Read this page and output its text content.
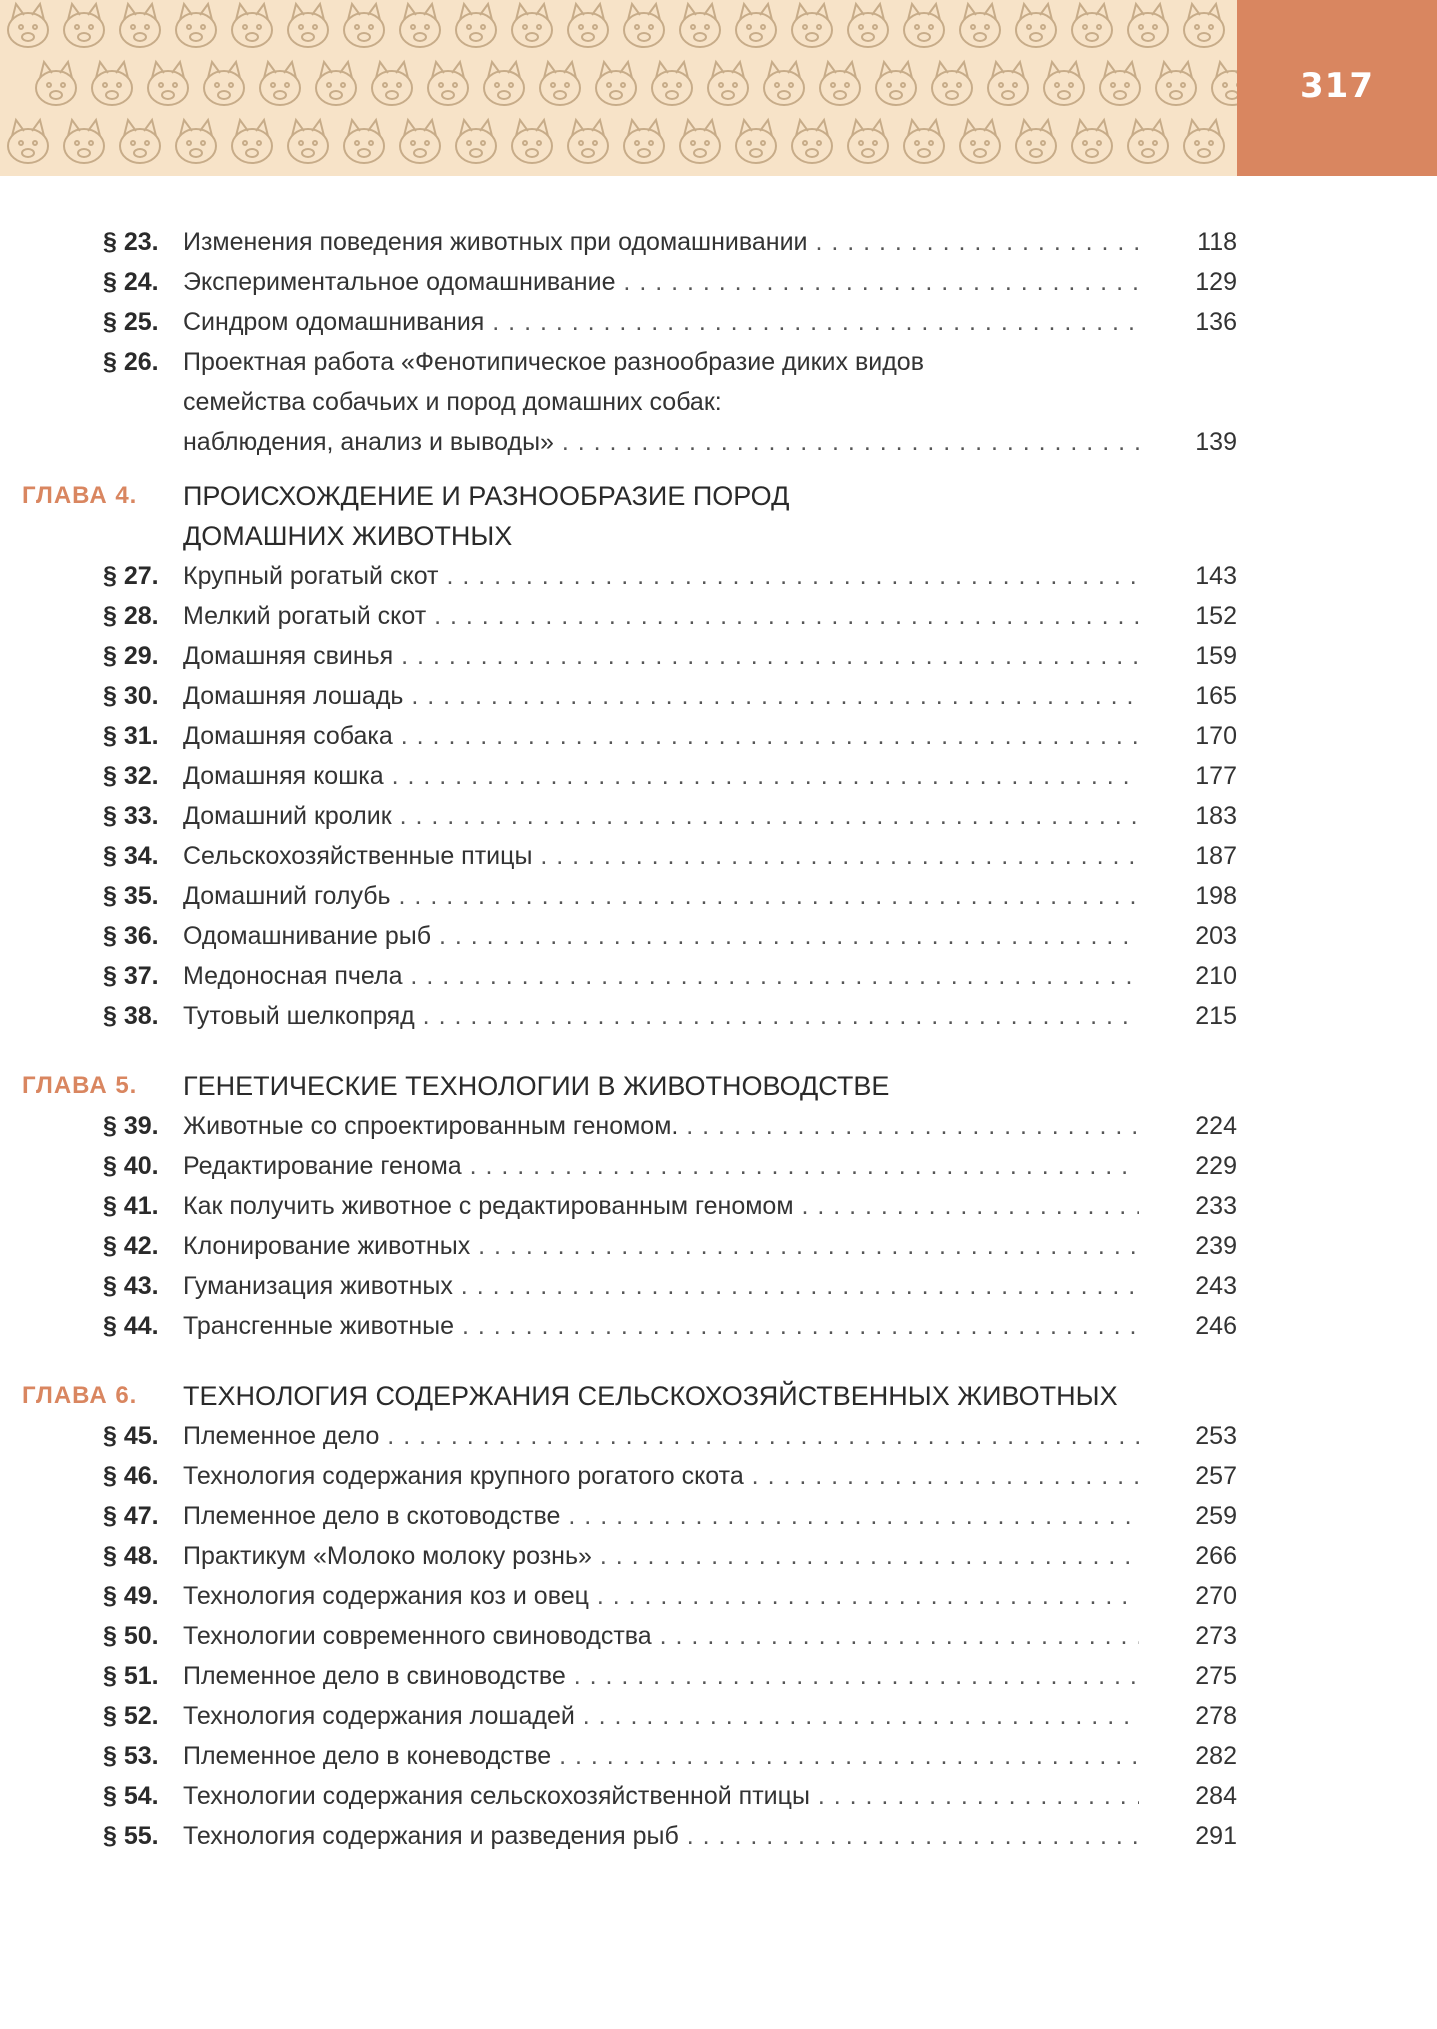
317
§ 23. Изменения поведения животных при одомашнивании . . .	118
§ 24. Экспериментальное одомашнивание . . .	129
§ 25. Синдром одомашнивания . . .	136
§ 26. Проектная работа «Фенотипическое разнообразие диких видов
семейства собачьих и пород домашних собак:
наблюдения, анализ и выводы» . . .	139
ГЛАВА 4. ПРОИСХОЖДЕНИЕ И РАЗНООБРАЗИЕ ПОРОД
ДОМАШНИХ ЖИВОТНЫХ
§ 27. Крупный рогатый скот . . .	143
§ 28. Мелкий рогатый скот . . .	152
§ 29. Домашняя свинья . . .	159
§ 30. Домашняя лошадь . . .	165
§ 31. Домашняя собака . . .	170
§ 32. Домашняя кошка . . .	177
§ 33. Домашний кролик . . .	183
§ 34. Сельскохозяйственные птицы . . .	187
§ 35. Домашний голубь . . .	198
§ 36. Одомашнивание рыб . . .	203
§ 37. Медоносная пчела . . .	210
§ 38. Тутовый шелкопряд . . .	215
ГЛАВА 5. ГЕНЕТИЧЕСКИЕ ТЕХНОЛОГИИ В ЖИВОТНОВОДСТВЕ
§ 39. Животные со спроектированным геномом. . . .	224
§ 40. Редактирование генома . . .	229
§ 41. Как получить животное с редактированным геномом . . .	233
§ 42. Клонирование животных . . .	239
§ 43. Гуманизация животных . . .	243
§ 44. Трансгенные животные . . .	246
ГЛАВА 6. ТЕХНОЛОГИЯ СОДЕРЖАНИЯ СЕЛЬСКОХОЗЯЙСТВЕННЫХ ЖИВОТНЫХ
§ 45. Племенное дело . . .	253
§ 46. Технология содержания крупного рогатого скота . . .	257
§ 47. Племенное дело в скотоводстве . . .	259
§ 48. Практикум «Молоко молоку рознь» . . .	266
§ 49. Технология содержания коз и овец . . .	270
§ 50. Технологии современного свиноводства . . .	273
§ 51. Племенное дело в свиноводстве . . .	275
§ 52. Технология содержания лошадей . . .	278
§ 53. Племенное дело в коневодстве . . .	282
§ 54. Технологии содержания сельскохозяйственной птицы . . .	284
§ 55. Технология содержания и разведения рыб . . .	291
